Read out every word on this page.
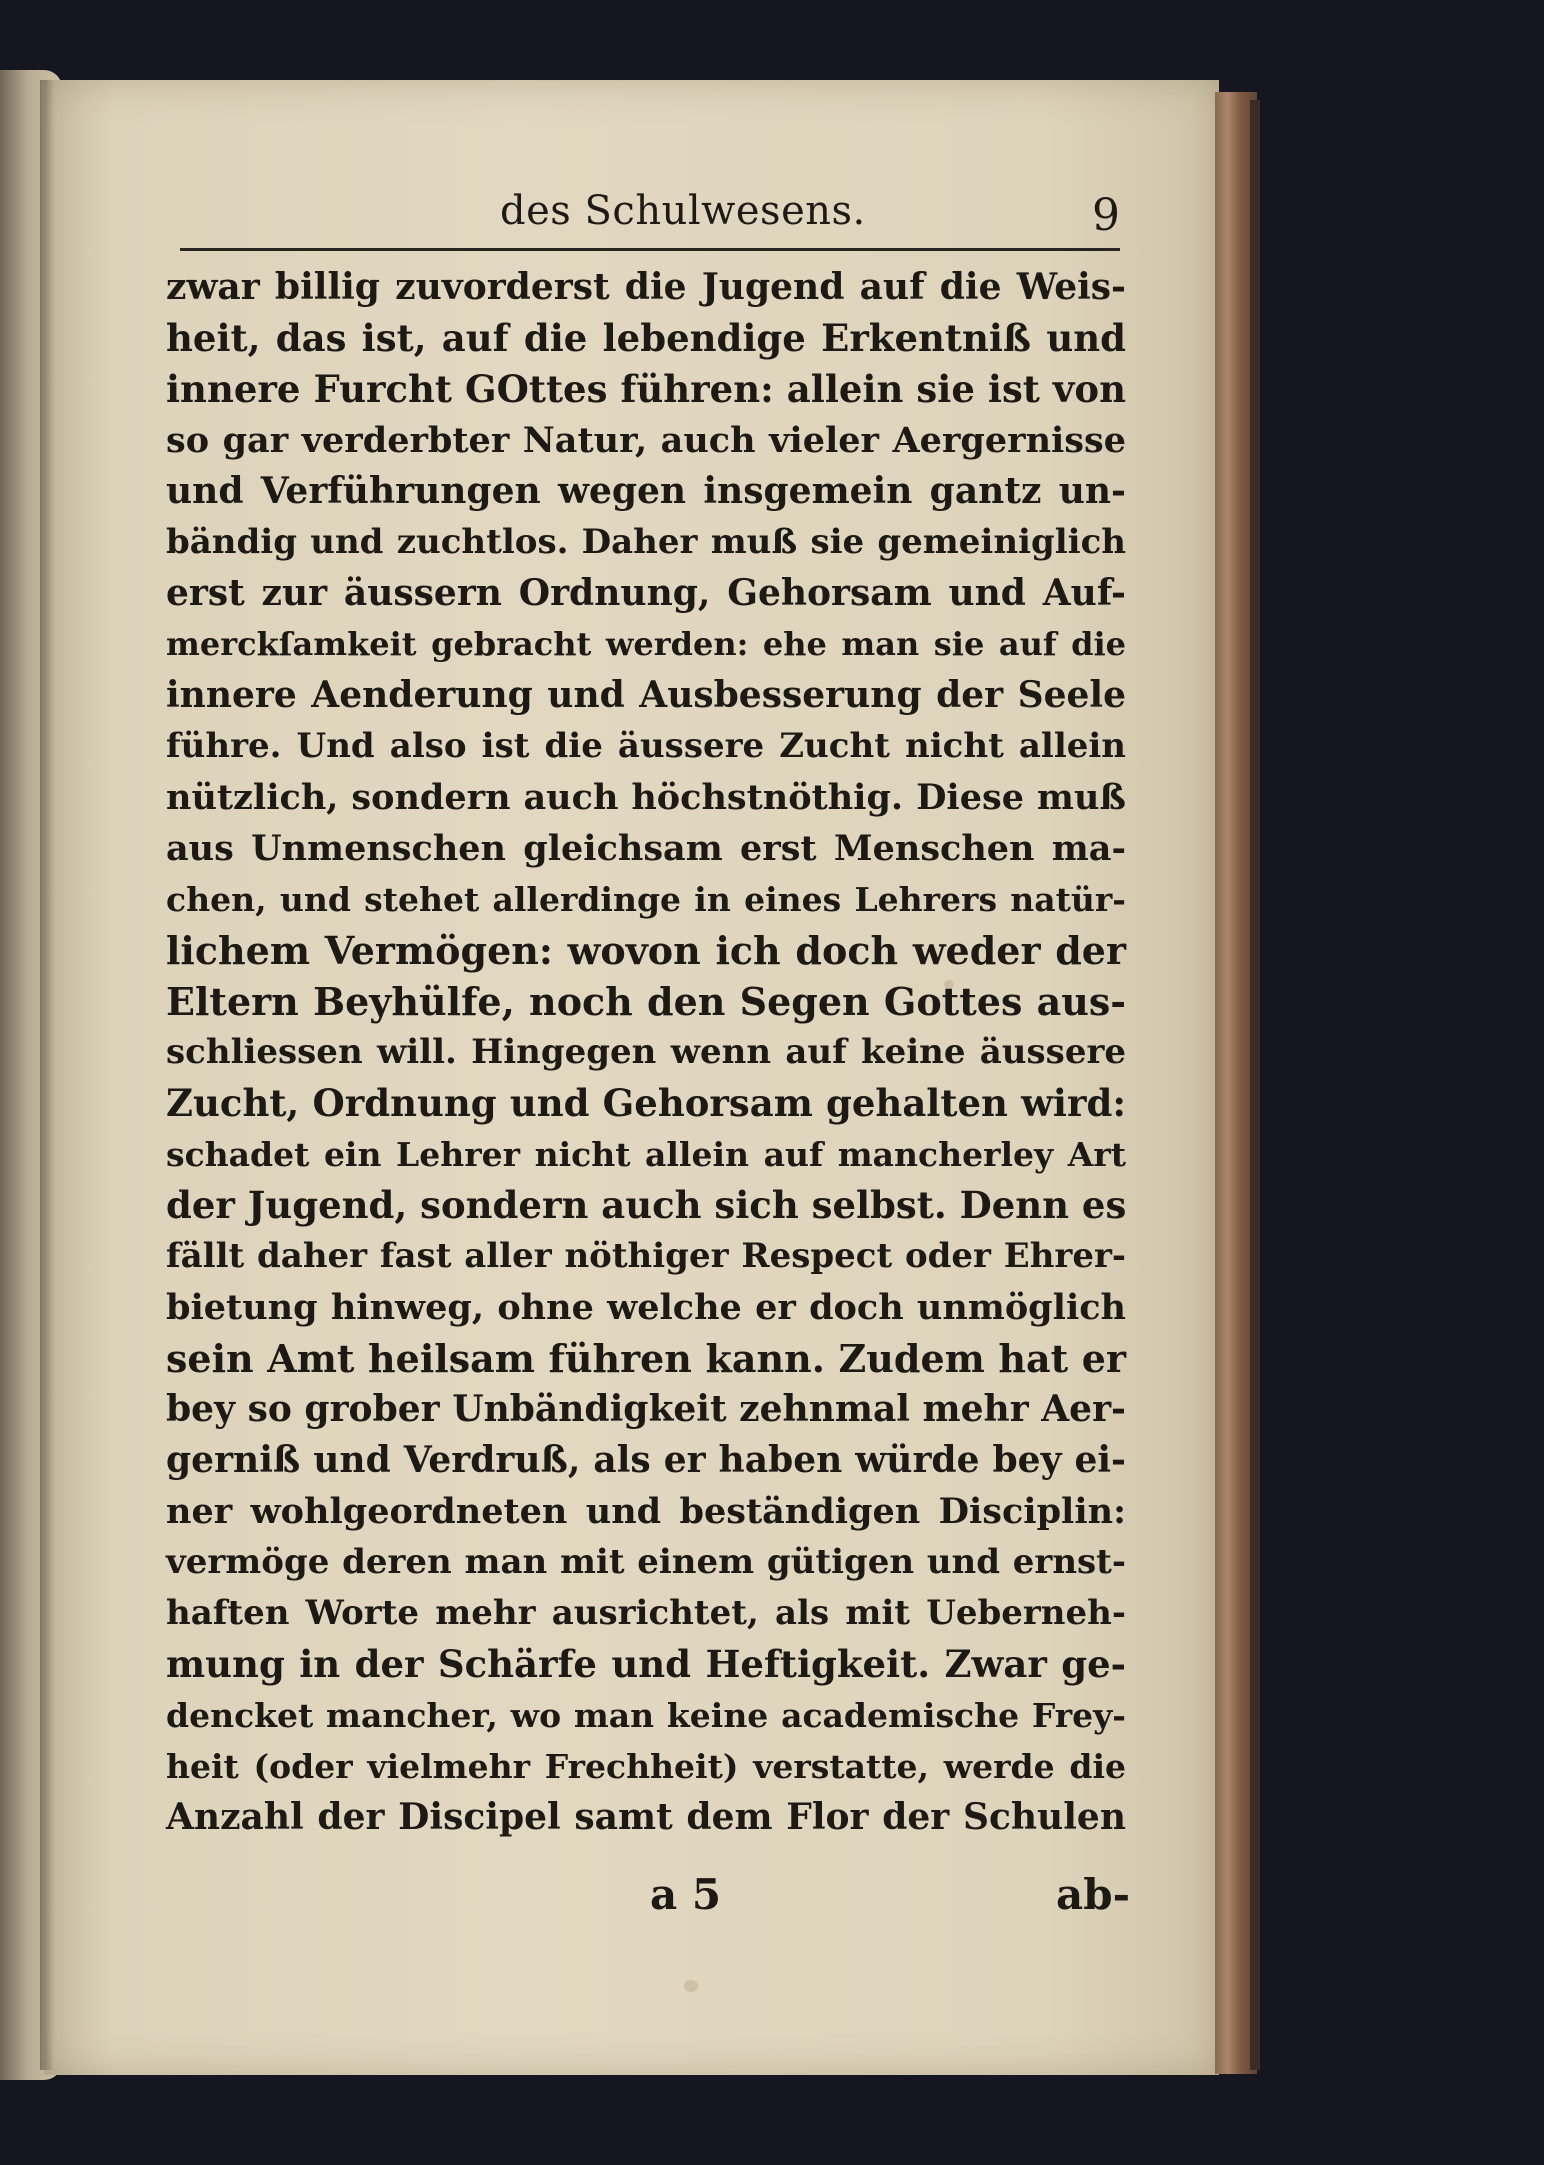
des Schulwesens.	9
zwar billig zuvorderst die Jugend auf die Weis-
heit, das ist, auf die lebendige Erkentniß und
innere Furcht GOttes führen: allein sie ist von
so gar verderbter Natur, auch vieler Aergernisse
und Verführungen wegen insgemein gantz un-
bändig und zuchtlos. Daher muß sie gemeiniglich
erst zur äussern Ordnung, Gehorsam und Auf-
merckſamkeit gebracht werden: ehe man sie auf die
innere Aenderung und Ausbesserung der Seele
führe. Und also ist die äussere Zucht nicht allein
nützlich, sondern auch höchstnöthig. Diese muß
aus Unmenschen gleichsam erst Menschen ma-
chen, und stehet allerdinge in eines Lehrers natür-
lichem Vermögen: wovon ich doch weder der
Eltern Beyhülfe, noch den Segen Gottes aus-
schliessen will. Hingegen wenn auf keine äussere
Zucht, Ordnung und Gehorsam gehalten wird:
schadet ein Lehrer nicht allein auf mancherley Art
der Jugend, sondern auch sich selbst. Denn es
fällt daher fast aller nöthiger Respect oder Ehrer-
bietung hinweg, ohne welche er doch unmöglich
sein Amt heilsam führen kann. Zudem hat er
bey so grober Unbändigkeit zehnmal mehr Aer-
gerniß und Verdruß, als er haben würde bey ei-
ner wohlgeordneten und beständigen Disciplin:
vermöge deren man mit einem gütigen und ernst-
haften Worte mehr ausrichtet, als mit Ueberneh-
mung in der Schärfe und Heftigkeit. Zwar ge-
dencket mancher, wo man keine academische Frey-
heit (oder vielmehr Frechheit) verstatte, werde die
Anzahl der Discipel samt dem Flor der Schulen
a 5	ab-
